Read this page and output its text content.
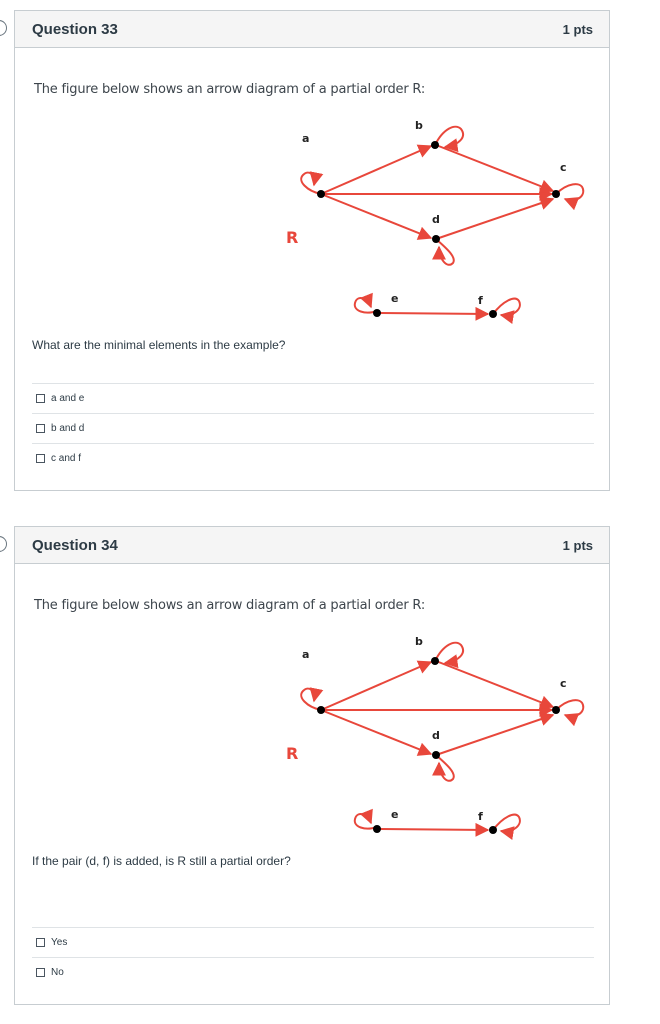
Question 33	1 pts
The figure below shows an arrow diagram of a partial order R:
a
b
c
d
e	f
R
What are the minimal elements in the example?
a and e
b and d
c and f
Question 34	1 pts
The figure below shows an arrow diagram of a partial order R:
a
b
c
d
e	f
R
If the pair (d, f) is added, is R still a partial order?
Yes
No
